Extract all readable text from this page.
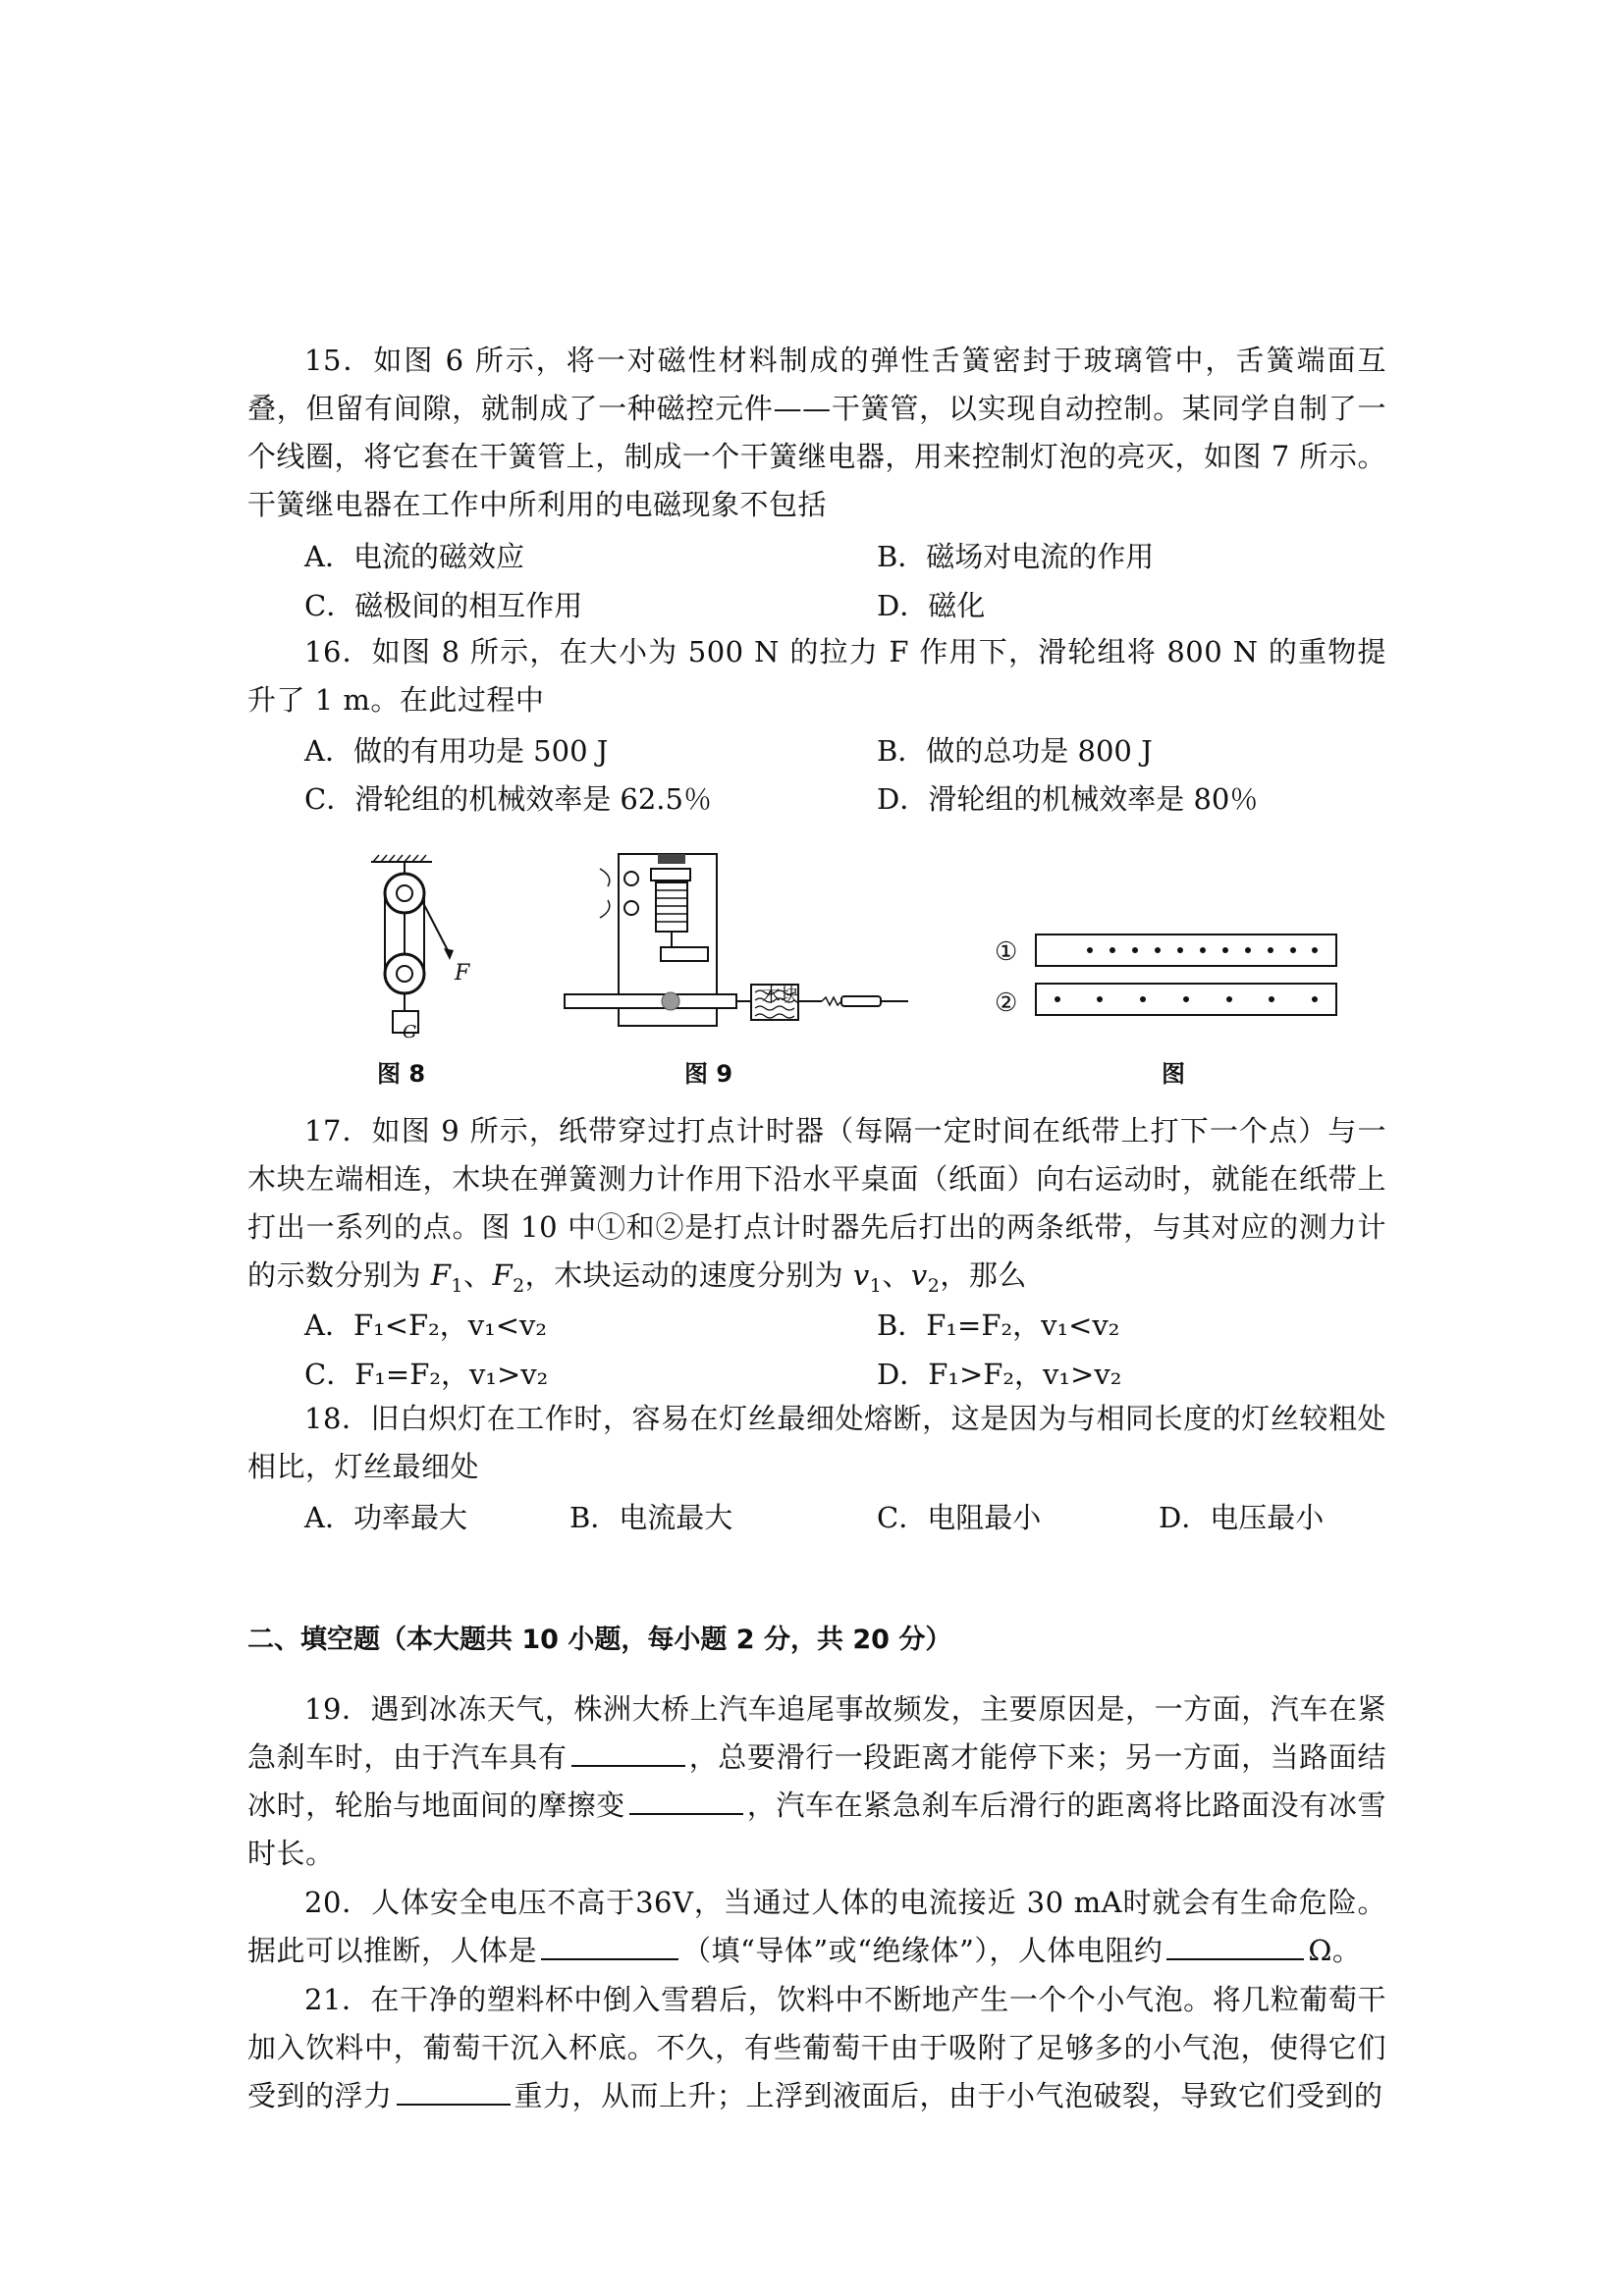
15．如图 6 所示，将一对磁性材料制成的弹性舌簧密封于玻璃管中，舌簧端面互叠，但留有间隙，就制成了一种磁控元件——干簧管，以实现自动控制。某同学自制了一个线圈，将它套在干簧管上，制成一个干簧继电器，用来控制灯泡的亮灭，如图 7 所示。干簧继电器在工作中所利用的电磁现象不包括
A．电流的磁效应	B．磁场对电流的作用
C．磁极间的相互作用	D．磁化
16．如图 8 所示，在大小为 500 N 的拉力 F 作用下，滑轮组将 800 N 的重物提升了 1 m。在此过程中
A．做的有用功是 500 J	B．做的总功是 800 J
C．滑轮组的机械效率是 62.5％	D．滑轮组的机械效率是 80％
F
G
图 8
木块
图 9
①
②
图
17．如图 9 所示，纸带穿过打点计时器（每隔一定时间在纸带上打下一个点）与一木块左端相连，木块在弹簧测力计作用下沿水平桌面（纸面）向右运动时，就能在纸带上打出一系列的点。图 10 中①和②是打点计时器先后打出的两条纸带，与其对应的测力计的示数分别为 $F_1$、$F_2$，木块运动的速度分别为 $v_1$、$v_2$，那么
A．F₁<F₂，v₁<v₂	B．F₁=F₂，v₁<v₂
C．F₁=F₂，v₁>v₂	D．F₁>F₂，v₁>v₂
18．旧白炽灯在工作时，容易在灯丝最细处熔断，这是因为与相同长度的灯丝较粗处相比，灯丝最细处
A．功率最大	B．电流最大	C．电阻最小	D．电压最小
二、填空题（本大题共 10 小题，每小题 2 分，共 20 分）
19．遇到冰冻天气，株洲大桥上汽车追尾事故频发，主要原因是，一方面，汽车在紧急刹车时，由于汽车具有	，总要滑行一段距离才能停下来；另一方面，当路面结冰时，轮胎与地面间的摩擦变	，汽车在紧急刹车后滑行的距离将比路面没有冰雪时长。
20．人体安全电压不高于36V，当通过人体的电流接近 30 mA时就会有生命危险。据此可以推断，人体是	（填“导体”或“绝缘体”），人体电阻约	Ω。
21．在干净的塑料杯中倒入雪碧后，饮料中不断地产生一个个小气泡。将几粒葡萄干加入饮料中，葡萄干沉入杯底。不久，有些葡萄干由于吸附了足够多的小气泡，使得它们受到的浮力	重力，从而上升；上浮到液面后，由于小气泡破裂，导致它们受到的
